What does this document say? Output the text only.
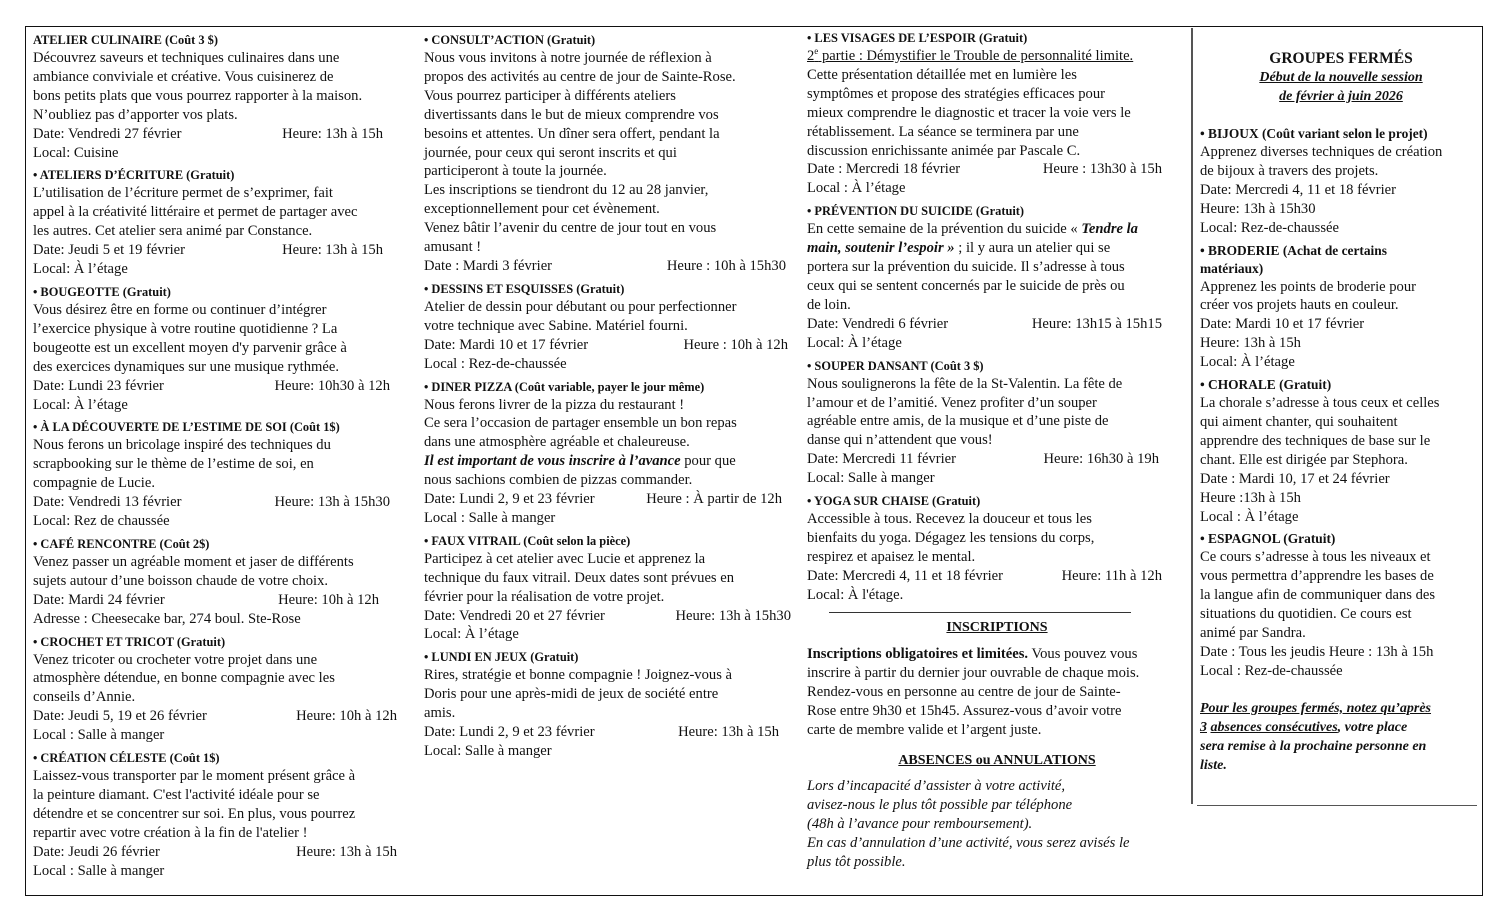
ATELIER CULINAIRE (Coût 3 $)
Découvrez saveurs et techniques culinaires dans une
ambiance conviviale et créative. Vous cuisinerez de
bons petits plats que vous pourrez rapporter à la maison.
N’oubliez pas d’apporter vos plats.
Date: Vendredi 27 février	Heure: 13h à 15h
Local: Cuisine
• ATELIERS D’ÉCRITURE (Gratuit)
L’utilisation de l’écriture permet de s’exprimer, fait
appel à la créativité littéraire et permet de partager avec
les autres. Cet atelier sera animé par Constance.
Date: Jeudi 5 et 19 février	Heure: 13h à 15h
Local: À l’étage
• BOUGEOTTE (Gratuit)
Vous désirez être en forme ou continuer d’intégrer
l’exercice physique à votre routine quotidienne ? La
bougeotte est un excellent moyen d'y parvenir grâce à
des exercices dynamiques sur une musique rythmée.
Date: Lundi 23 février	Heure: 10h30 à 12h
Local: À l’étage
• À LA DÉCOUVERTE DE L’ESTIME DE SOI (Coût 1$)
Nous ferons un bricolage inspiré des techniques du
scrapbooking sur le thème de l’estime de soi, en
compagnie de Lucie.
Date: Vendredi 13 février	Heure: 13h à 15h30
Local: Rez de chaussée
• CAFÉ RENCONTRE (Coût 2$)
Venez passer un agréable moment et jaser de différents
sujets autour d’une boisson chaude de votre choix.
Date: Mardi 24 février	Heure: 10h à 12h
Adresse : Cheesecake bar, 274 boul. Ste-Rose
• CROCHET ET TRICOT (Gratuit)
Venez tricoter ou crocheter votre projet dans une
atmosphère détendue, en bonne compagnie avec les
conseils d’Annie.
Date: Jeudi 5, 19 et 26 février	Heure: 10h à 12h
Local : Salle à manger
• CRÉATION CÉLESTE (Coût 1$)
Laissez-vous transporter par le moment présent grâce à
la peinture diamant. C'est l'activité idéale pour se
détendre et se concentrer sur soi. En plus, vous pourrez
repartir avec votre création à la fin de l'atelier !
Date: Jeudi 26 février	Heure: 13h à 15h
Local : Salle à manger
• CONSULT’ACTION (Gratuit)
Nous vous invitons à notre journée de réflexion à
propos des activités au centre de jour de Sainte-Rose.
Vous pourrez participer à différents ateliers
divertissants dans le but de mieux comprendre vos
besoins et attentes. Un dîner sera offert, pendant la
journée, pour ceux qui seront inscrits et qui
participeront à toute la journée.
Les inscriptions se tiendront du 12 au 28 janvier,
exceptionnellement pour cet évènement.
Venez bâtir l’avenir du centre de jour tout en vous
amusant !
Date : Mardi 3 février	Heure : 10h à 15h30
• DESSINS ET ESQUISSES (Gratuit)
Atelier de dessin pour débutant ou pour perfectionner
votre technique avec Sabine. Matériel fourni.
Date: Mardi 10 et 17 février	Heure : 10h à 12h
Local : Rez-de-chaussée
• DINER PIZZA (Coût variable, payer le jour même)
Nous ferons livrer de la pizza du restaurant !
Ce sera l’occasion de partager ensemble un bon repas
dans une atmosphère agréable et chaleureuse.
Il est important de vous inscrire à l’avance pour que
nous sachions combien de pizzas commander.
Date: Lundi 2, 9 et 23 février	Heure : À partir de 12h
Local : Salle à manger
• FAUX VITRAIL (Coût selon la pièce)
Participez à cet atelier avec Lucie et apprenez la
technique du faux vitrail. Deux dates sont prévues en
février pour la réalisation de votre projet.
Date: Vendredi 20 et 27 février	Heure: 13h à 15h30
Local: À l’étage
• LUNDI EN JEUX (Gratuit)
Rires, stratégie et bonne compagnie ! Joignez-vous à
Doris pour une après-midi de jeux de société entre
amis.
Date: Lundi 2, 9 et 23 février	Heure: 13h à 15h
Local: Salle à manger
• LES VISAGES DE L’ESPOIR (Gratuit)
2e partie : Démystifier le Trouble de personnalité limite.
Cette présentation détaillée met en lumière les
symptômes et propose des stratégies efficaces pour
mieux comprendre le diagnostic et tracer la voie vers le
rétablissement. La séance se terminera par une
discussion enrichissante animée par Pascale C.
Date : Mercredi 18 février	Heure : 13h30 à 15h
Local : À l’étage
• PRÉVENTION DU SUICIDE (Gratuit)
En cette semaine de la prévention du suicide « Tendre la
main, soutenir l’espoir » ; il y aura un atelier qui se
portera sur la prévention du suicide. Il s’adresse à tous
ceux qui se sentent concernés par le suicide de près ou
de loin.
Date: Vendredi 6 février	Heure: 13h15 à 15h15
Local: À l’étage
• SOUPER DANSANT (Coût 3 $)
Nous soulignerons la fête de la St-Valentin. La fête de
l’amour et de l’amitié. Venez profiter d’un souper
agréable entre amis, de la musique et d’une piste de
danse qui n’attendent que vous!
Date: Mercredi 11 février	Heure: 16h30 à 19h
Local: Salle à manger
• YOGA SUR CHAISE (Gratuit)
Accessible à tous. Recevez la douceur et tous les
bienfaits du yoga. Dégagez les tensions du corps,
respirez et apaisez le mental.
Date: Mercredi 4, 11 et 18 février	Heure: 11h à 12h
Local: À l'étage.
INSCRIPTIONS
Inscriptions obligatoires et limitées. Vous pouvez vous
inscrire à partir du dernier jour ouvrable de chaque mois.
Rendez-vous en personne au centre de jour de Sainte-
Rose entre 9h30 et 15h45. Assurez-vous d’avoir votre
carte de membre valide et l’argent juste.
ABSENCES ou ANNULATIONS
Lors d’incapacité d’assister à votre activité,
avisez-nous le plus tôt possible par téléphone
(48h à l’avance pour remboursement).
En cas d’annulation d’une activité, vous serez avisés le
plus tôt possible.
GROUPES FERMÉS
Début de la nouvelle session
de février à juin 2026
• BIJOUX (Coût variant selon le projet)
Apprenez diverses techniques de création
de bijoux à travers des projets.
Date: Mercredi 4, 11 et 18 février
Heure: 13h à 15h30
Local: Rez-de-chaussée
• BRODERIE (Achat de certains
matériaux)
Apprenez les points de broderie pour
créer vos projets hauts en couleur.
Date: Mardi 10 et 17 février
Heure: 13h à 15h
Local: À l’étage
• CHORALE (Gratuit)
La chorale s’adresse à tous ceux et celles
qui aiment chanter, qui souhaitent
apprendre des techniques de base sur le
chant. Elle est dirigée par Stephora.
Date : Mardi 10, 17 et 24 février
Heure :13h à 15h
Local : À l’étage
• ESPAGNOL (Gratuit)
Ce cours s’adresse à tous les niveaux et
vous permettra d’apprendre les bases de
la langue afin de communiquer dans des
situations du quotidien. Ce cours est
animé par Sandra.
Date : Tous les jeudis Heure : 13h à 15h
Local : Rez-de-chaussée
Pour les groupes fermés, notez qu’après
3 absences consécutives, votre place
sera remise à la prochaine personne en
liste.
